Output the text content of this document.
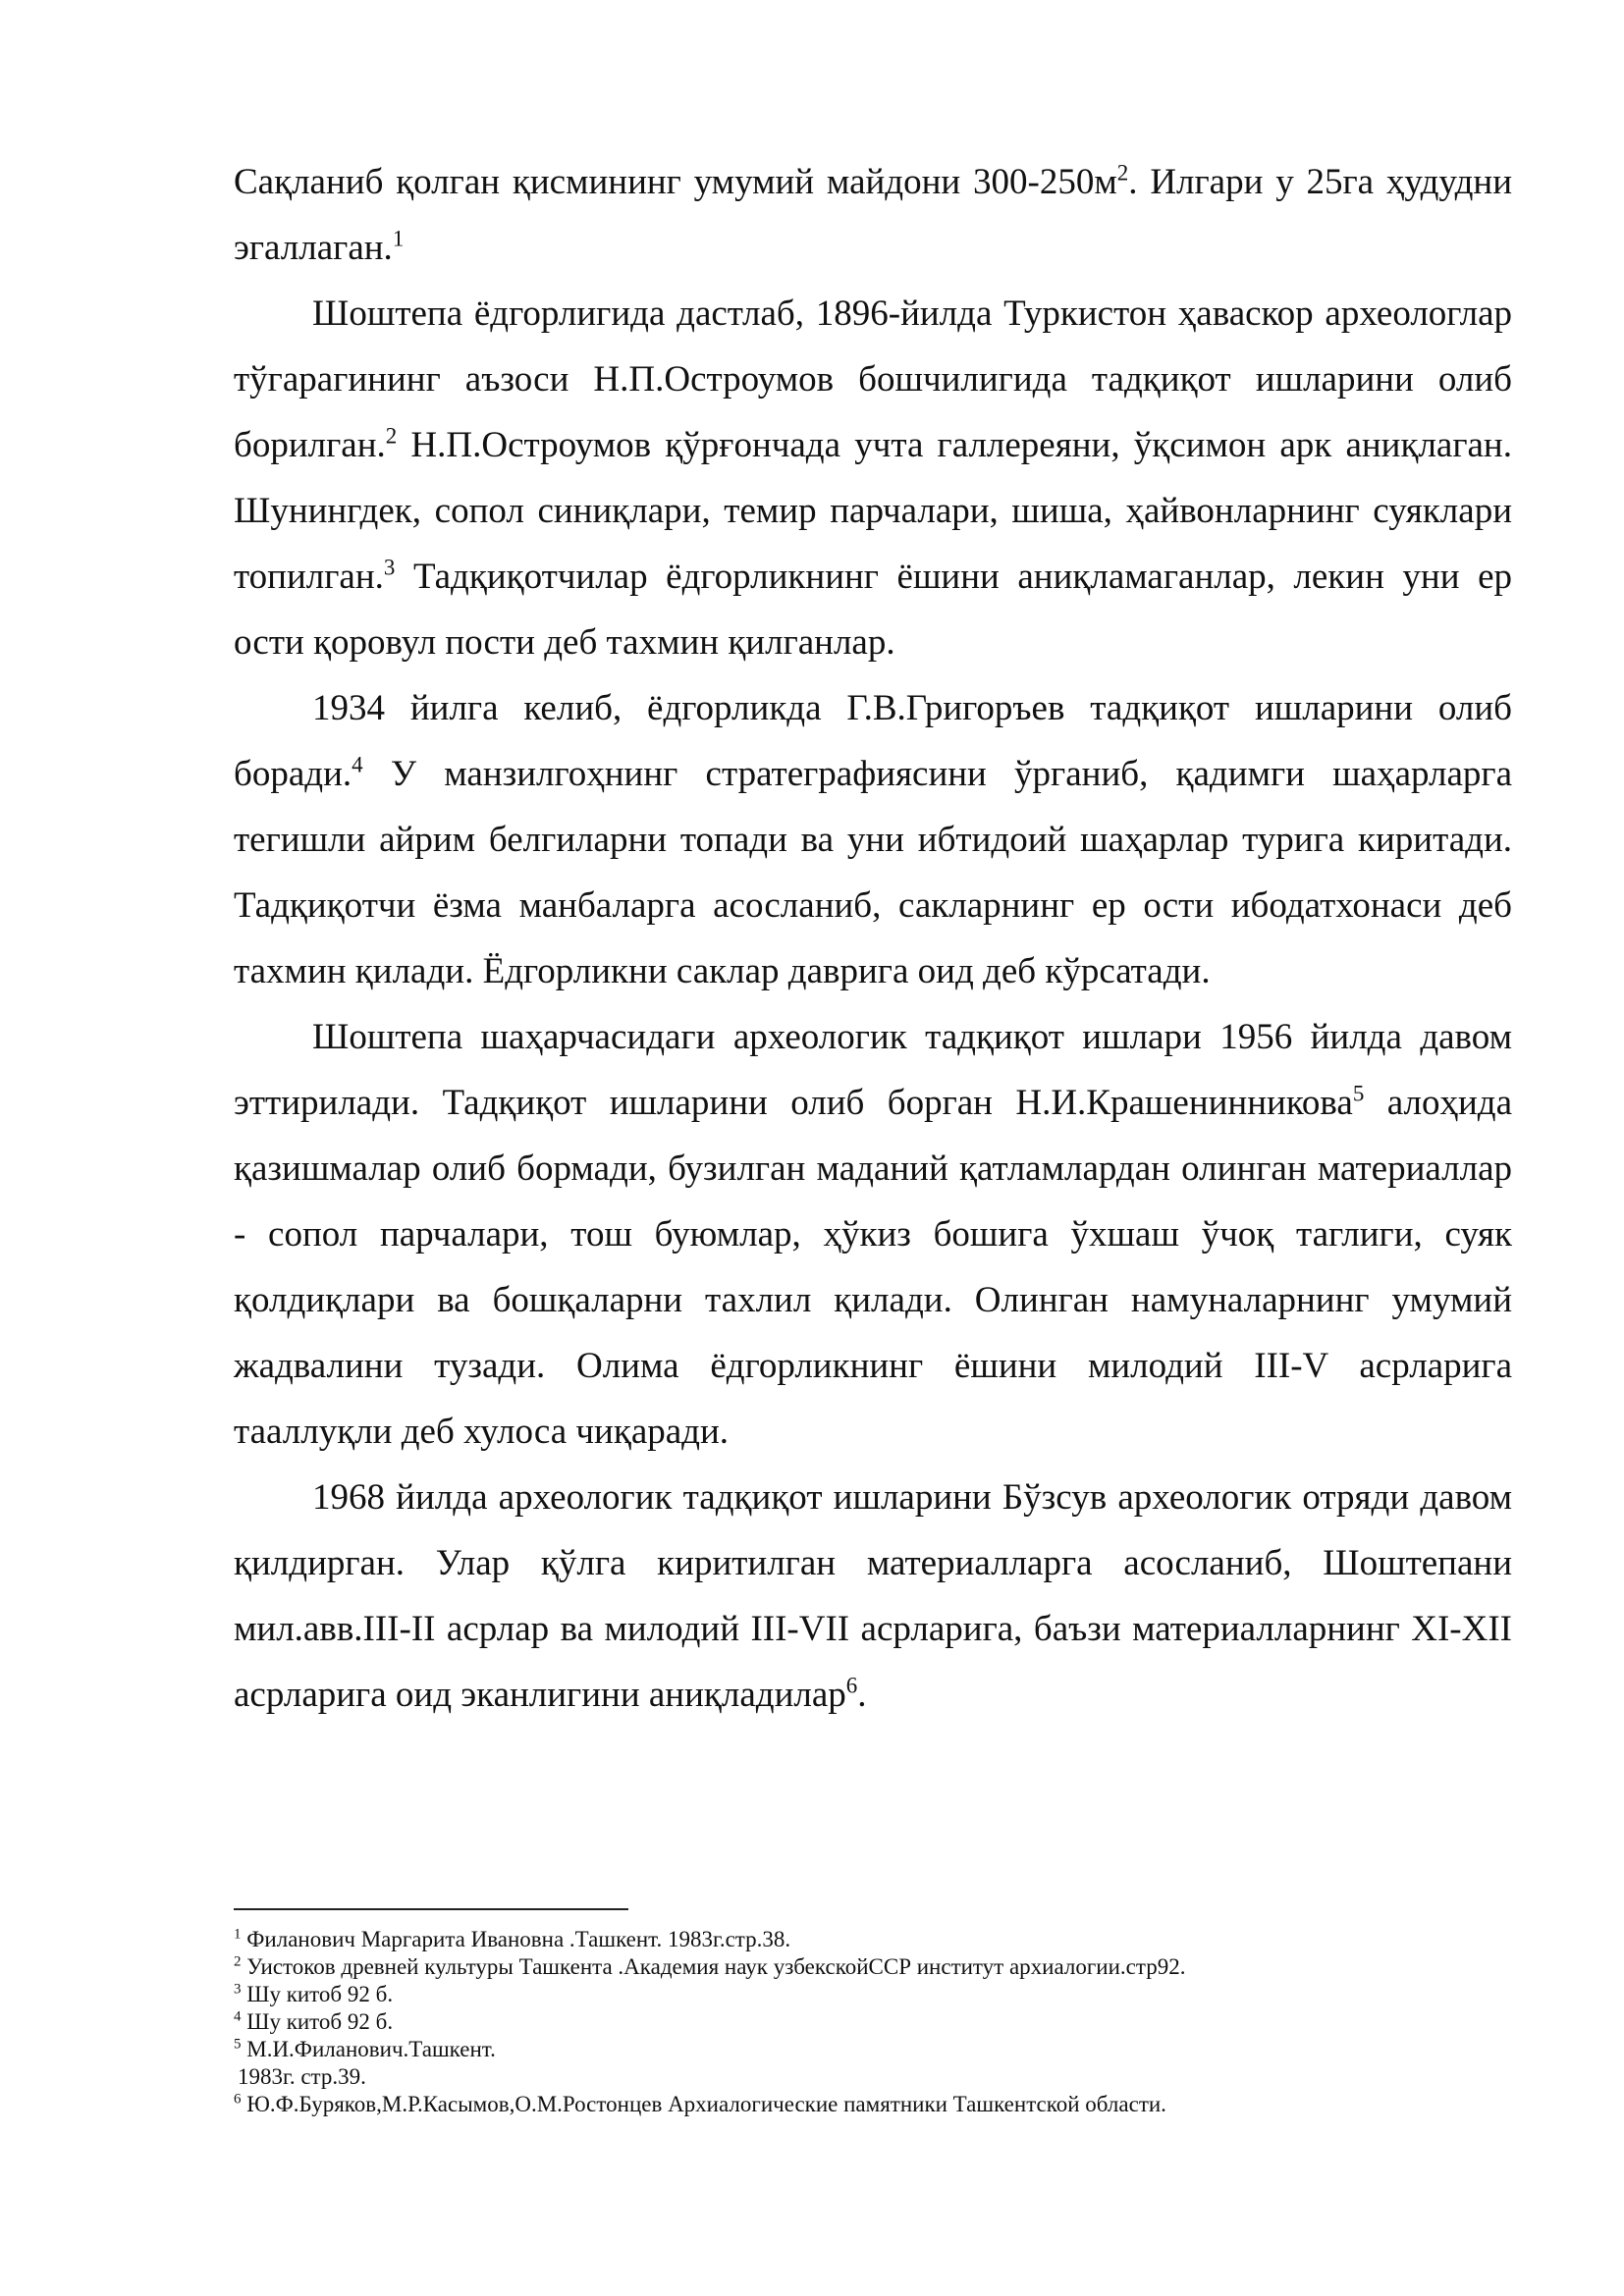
Сақланиб қолган қисмининг умумий майдони $300-250м^2$. Илгари у 25га ҳудудни эгаллаган.$^1$

Шоштепа ёдгорлигида дастлаб, 1896-йилда Туркистон ҳаваскор археологлар тўгарагининг аъзоси Н.П.Остроумов бошчилигида тадқиқот ишларини олиб борилган.$^2$ Н.П.Остроумов қўрғончада учта галлереяни, ўқсимон арк аниқлаган. Шунингдек, сопол синиқлари, темир парчалари, шиша, ҳайвонларнинг суяклари топилган.$^3$ Тадқиқотчилар ёдгорликнинг ёшини аниқламаганлар, лекин уни ер ости қоровул пости деб тахмин қилганлар.

1934 йилга келиб, ёдгорликда Г.В.Григоръев тадқиқот ишларини олиб боради.$^4$ У манзилгоҳнинг стратеграфиясини ўрганиб, қадимги шаҳарларга тегишли айрим белгиларни топади ва уни ибтидоий шаҳарлар турига киритади. Тадқиқотчи ёзма манбаларга асосланиб, сакларнинг ер ости ибодатхонаси деб тахмин қилади. Ёдгорликни саклар даврига оид деб кўрсатади.

Шоштепа шаҳарчасидаги археологик тадқиқот ишлари 1956 йилда давом эттирилади. Тадқиқот ишларини олиб борган Н.И.Крашенинникова$^5$ алоҳида қазишмалар олиб бормади, бузилган маданий қатламлардан олинган материаллар - сопол парчалари, тош буюмлар, ҳўкиз бошига ўхшаш ўчоқ таглиги, суяк қолдиқлари ва бошқаларни тахлил қилади. Олинган намуналарнинг умумий жадвалини тузади. Олима ёдгорликнинг ёшини милодий III-V асрларига тааллуқли деб хулоса чиқаради.

1968 йилда археологик тадқиқот ишларини Бўзсув археологик отряди давом қилдирган. Улар қўлга киритилган материалларга асосланиб, Шоштепани мил.авв.III-II асрлар ва милодий III-VII асрларига, баъзи материалларнинг XI-XII асрларига оид эканлигини аниқладилар$^6$.

$^1$ Филанович Маргарита Ивановна .Ташкент. 1983г.стр.38.

$^2$ Уистоков древней культуры Ташкента .Академия наук узбекскойССР институт архиалогии.стр92.

$^3$ Шу китоб 92 б.

$^4$ Шу китоб 92 б.

$^5$ М.И.Филанович.Ташкент.

1983г. стр.39.

$^6$ Ю.Ф.Буряков,М.Р.Касымов,О.М.Ростонцев Архиалогические памятники Ташкентской области.
